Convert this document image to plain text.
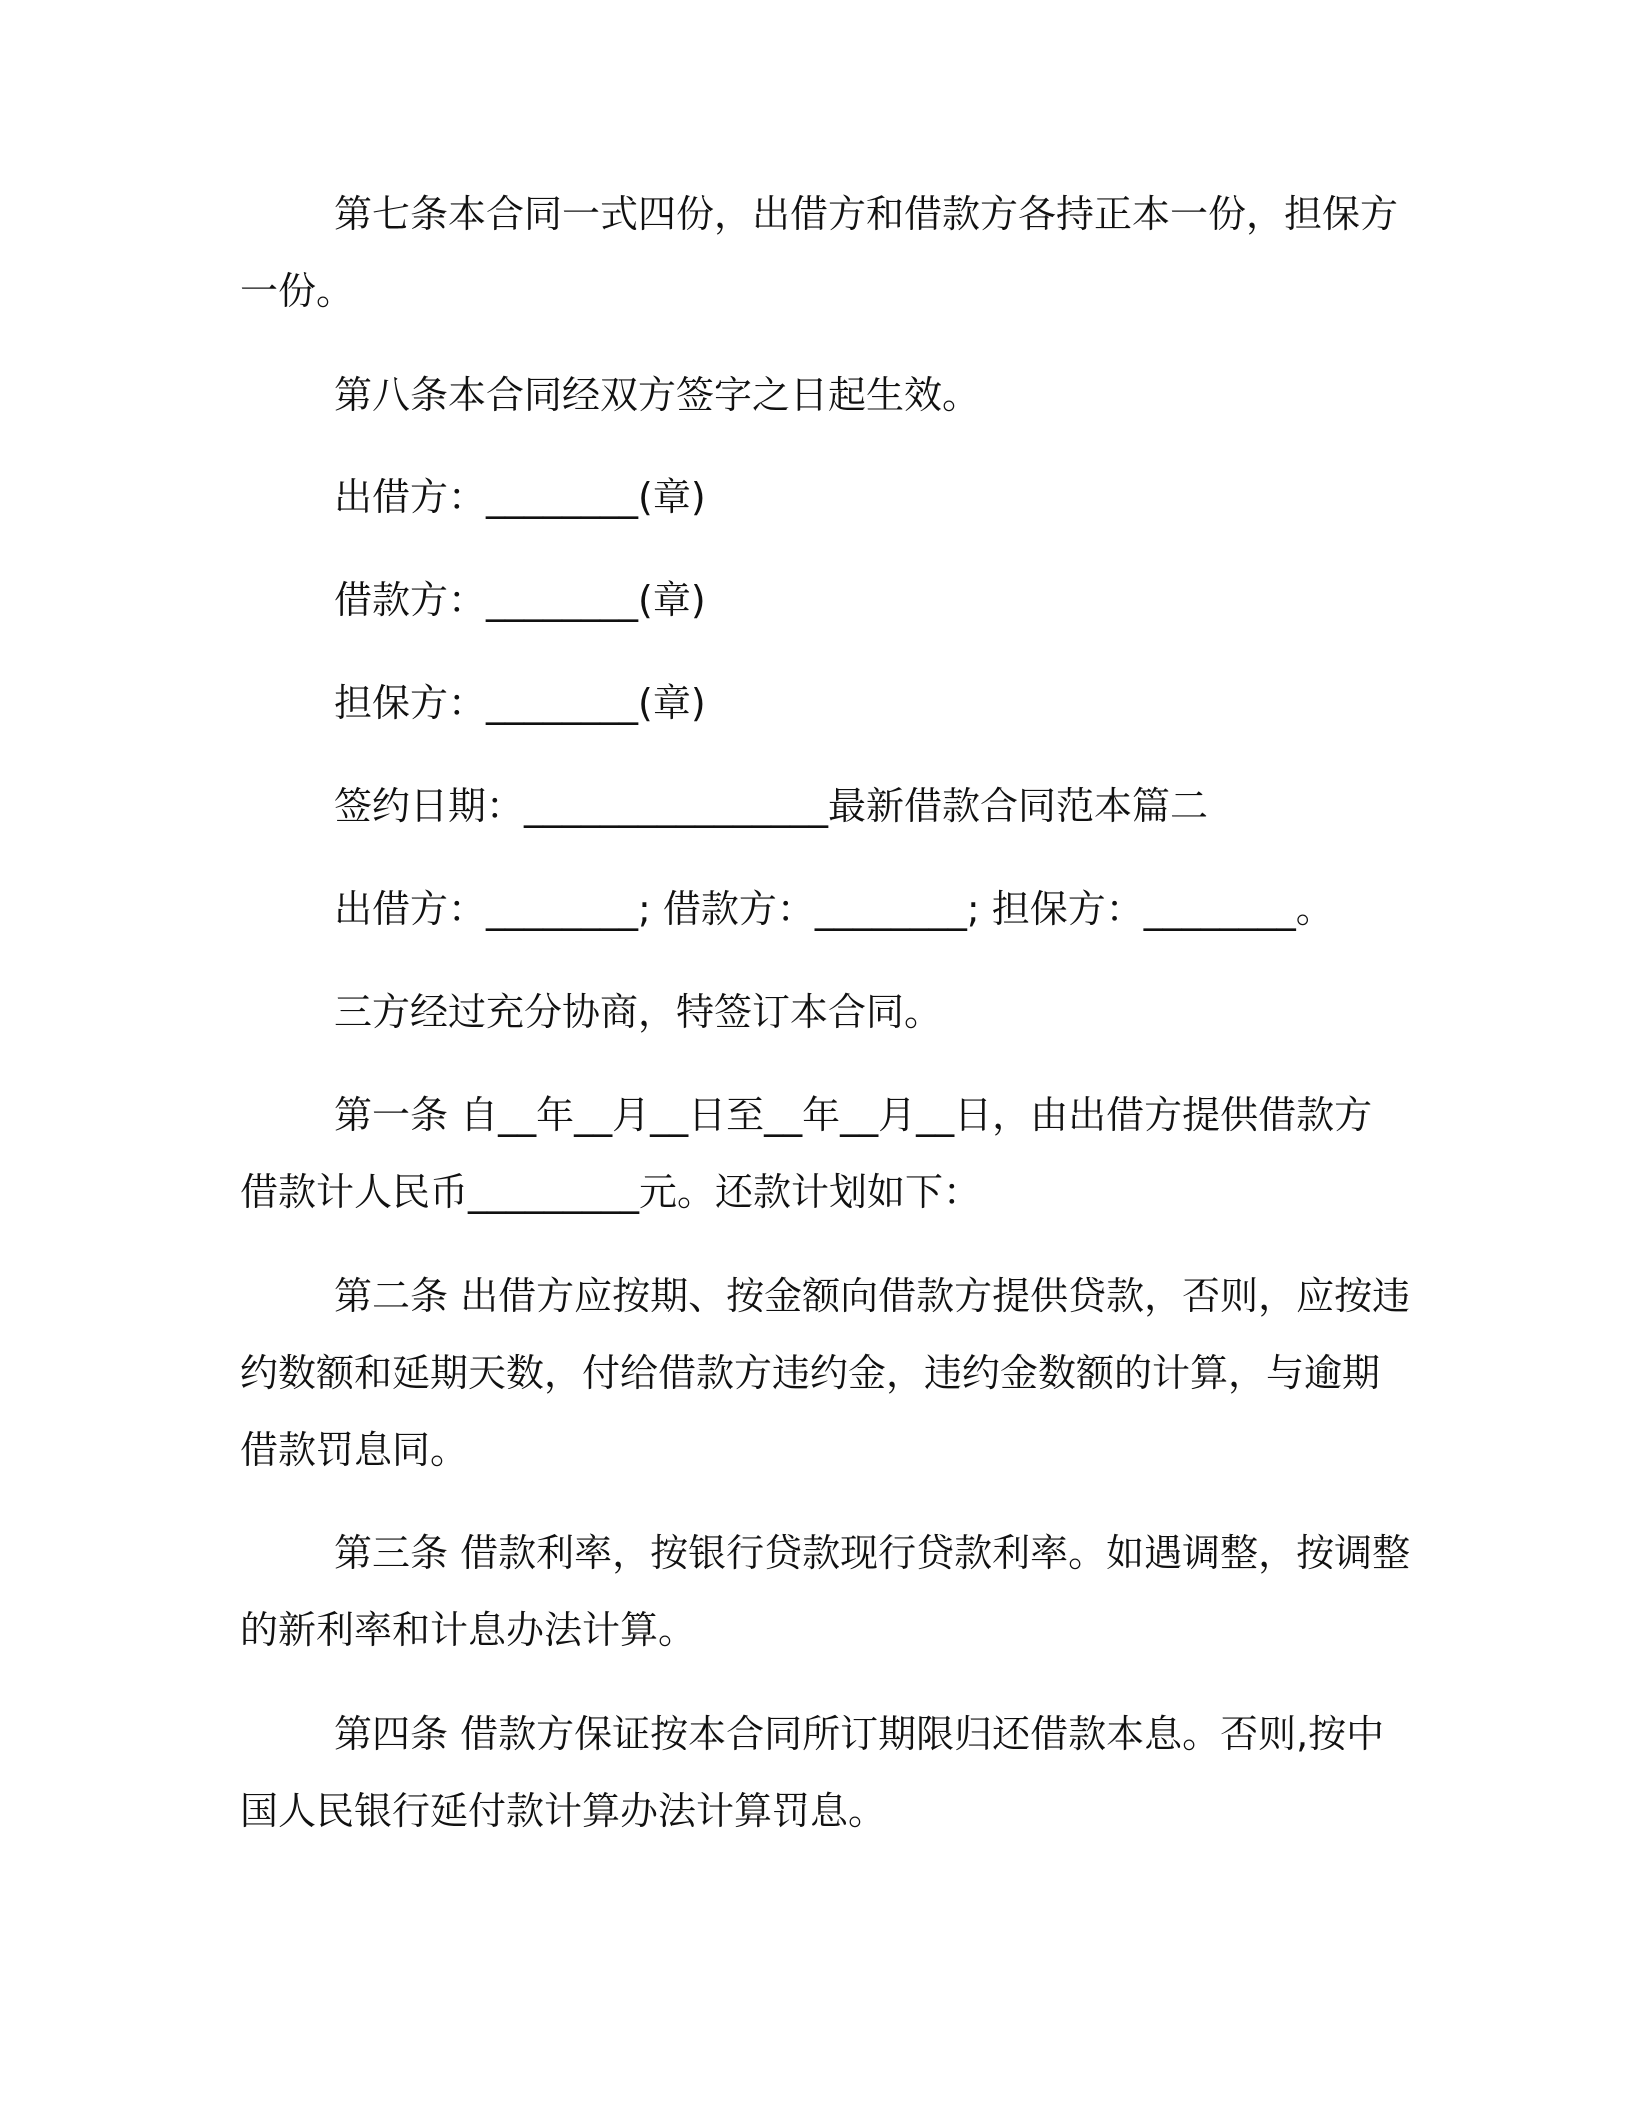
第七条本合同一式四份，出借方和借款方各持正本一份，担保方
一份。
第八条本合同经双方签字之日起生效。
出借方：________(章)
借款方：________(章)
担保方：________(章)
签约日期：________________最新借款合同范本篇二
出借方：________; 借款方：________; 担保方：________。
三方经过充分协商，特签订本合同。
第一条 自__年__月__日至__年__月__日，由出借方提供借款方
借款计人民币_________元。还款计划如下：
第二条 出借方应按期、按金额向借款方提供贷款，否则，应按违
约数额和延期天数，付给借款方违约金，违约金数额的计算，与逾期
借款罚息同。
第三条 借款利率，按银行贷款现行贷款利率。如遇调整，按调整
的新利率和计息办法计算。
第四条 借款方保证按本合同所订期限归还借款本息。否则,按中
国人民银行延付款计算办法计算罚息。
